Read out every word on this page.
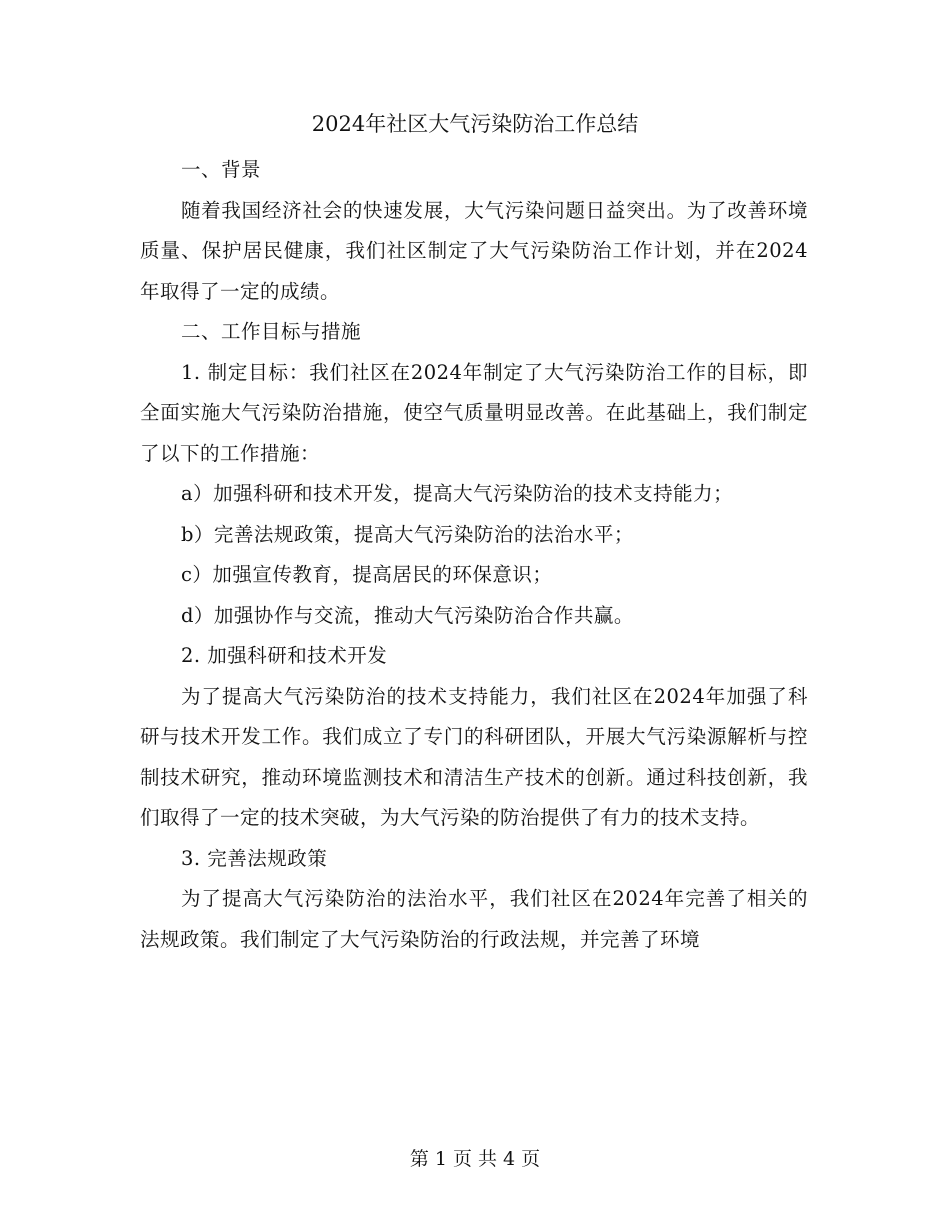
2024年社区大气污染防治工作总结

一、背景

随着我国经济社会的快速发展，大气污染问题日益突出。为了改善环境质量、保护居民健康，我们社区制定了大气污染防治工作计划，并在2024年取得了一定的成绩。

二、工作目标与措施

1. 制定目标：我们社区在2024年制定了大气污染防治工作的目标，即全面实施大气污染防治措施，使空气质量明显改善。在此基础上，我们制定了以下的工作措施：

a）加强科研和技术开发，提高大气污染防治的技术支持能力；

b）完善法规政策，提高大气污染防治的法治水平；

c）加强宣传教育，提高居民的环保意识；

d）加强协作与交流，推动大气污染防治合作共赢。

2. 加强科研和技术开发

为了提高大气污染防治的技术支持能力，我们社区在2024年加强了科研与技术开发工作。我们成立了专门的科研团队，开展大气污染源解析与控制技术研究，推动环境监测技术和清洁生产技术的创新。通过科技创新，我们取得了一定的技术突破，为大气污染的防治提供了有力的技术支持。

3. 完善法规政策

为了提高大气污染防治的法治水平，我们社区在2024年完善了相关的法规政策。我们制定了大气污染防治的行政法规，并完善了环境

第 1 页 共 4 页
